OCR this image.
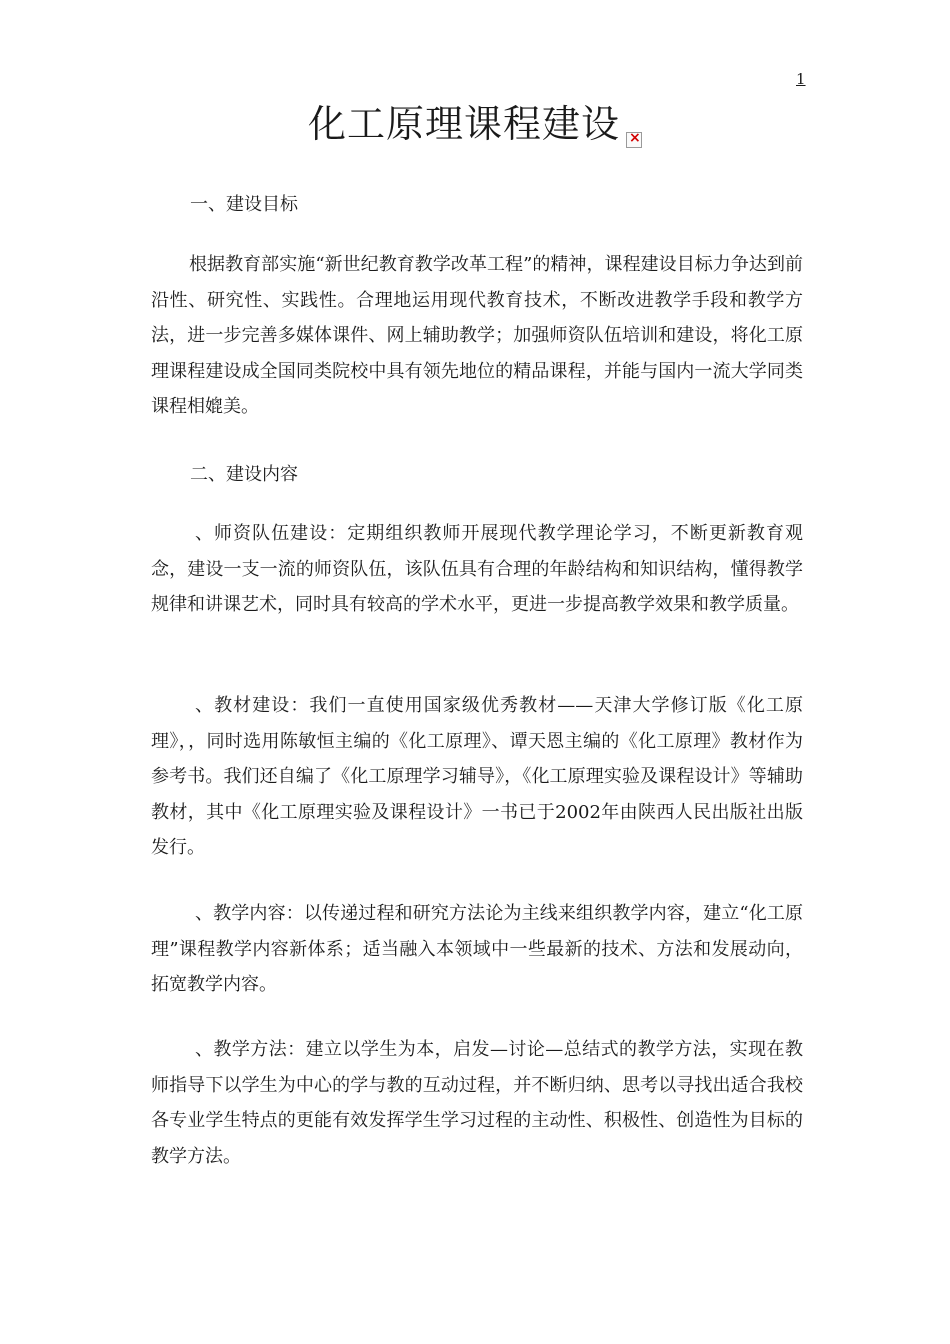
1
化工原理课程建设×
一、建设目标

根据教育部实施“新世纪教育教学改革工程”的精神，课程建设目标力争达到前沿性、研究性、实践性。合理地运用现代教育技术，不断改进教学手段和教学方法，进一步完善多媒体课件、网上辅助教学；加强师资队伍培训和建设，将化工原理课程建设成全国同类院校中具有领先地位的精品课程，并能与国内一流大学同类课程相媲美。

二、建设内容

、师资队伍建设：定期组织教师开展现代教学理论学习，不断更新教育观念，建设一支一流的师资队伍，该队伍具有合理的年龄结构和知识结构，懂得教学规律和讲课艺术，同时具有较高的学术水平，更进一步提高教学效果和教学质量。

、教材建设：我们一直使用国家级优秀教材——天津大学修订版《化工原理》，，同时选用陈敏恒主编的《化工原理》、谭天恩主编的《化工原理》教材作为参考书。我们还自编了《化工原理学习辅导》，《化工原理实验及课程设计》等辅助教材，其中《化工原理实验及课程设计》一书已于2002年由陕西人民出版社出版发行。

、教学内容：以传递过程和研究方法论为主线来组织教学内容，建立“化工原理”课程教学内容新体系；适当融入本领域中一些最新的技术、方法和发展动向，拓宽教学内容。

、教学方法：建立以学生为本，启发—讨论—总结式的教学方法，实现在教师指导下以学生为中心的学与教的互动过程，并不断归纳、思考以寻找出适合我校各专业学生特点的更能有效发挥学生学习过程的主动性、积极性、创造性为目标的教学方法。
